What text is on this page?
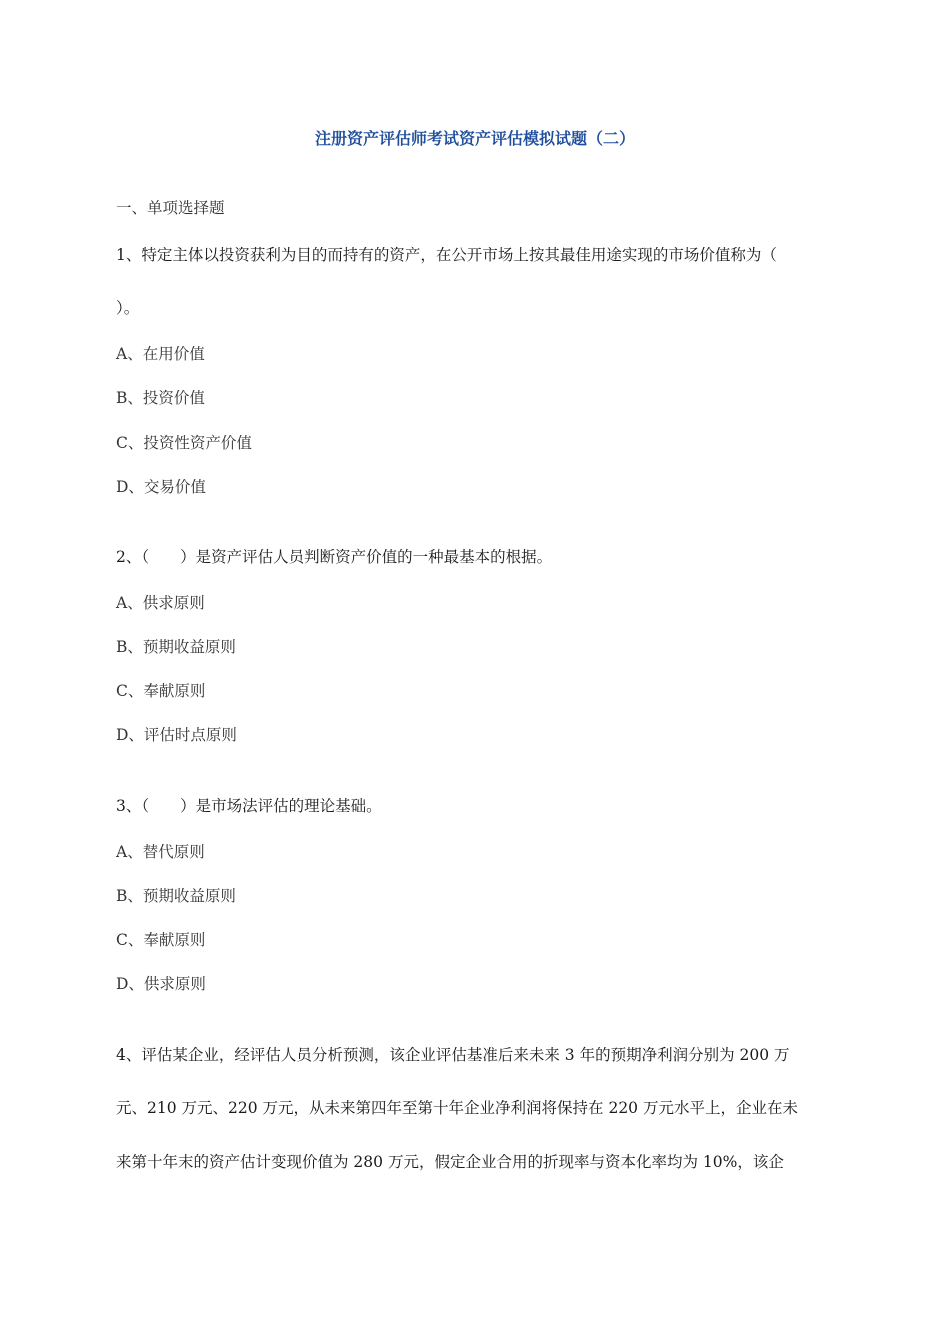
注册资产评估师考试资产评估模拟试题（二）
一、单项选择题
1、特定主体以投资获利为目的而持有的资产，在公开市场上按其最佳用途实现的市场价值称为（
）。
A、在用价值
B、投资价值
C、投资性资产价值
D、交易价值
2、（　　）是资产评估人员判断资产价值的一种最基本的根据。
A、供求原则
B、预期收益原则
C、奉献原则
D、评估时点原则
3、（　　）是市场法评估的理论基础。
A、替代原则
B、预期收益原则
C、奉献原则
D、供求原则
4、评估某企业，经评估人员分析预测，该企业评估基准后来未来 3 年的预期净利润分别为 200 万
元、210 万元、220 万元，从未来第四年至第十年企业净利润将保持在 220 万元水平上，企业在未
来第十年末的资产估计变现价值为 280 万元，假定企业合用的折现率与资本化率均为 10%，该企
